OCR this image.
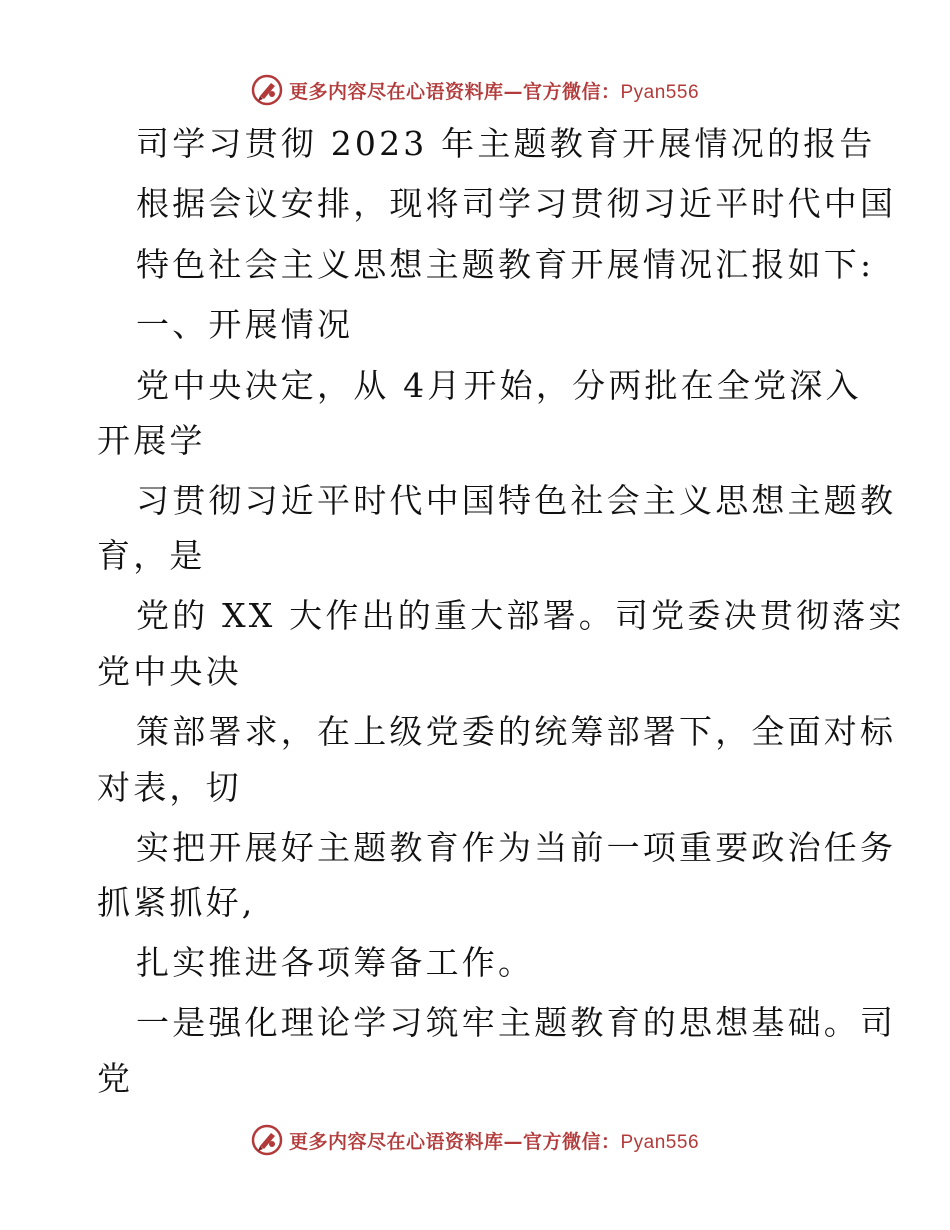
更多内容尽在心语资料库—官方微信：Pyan556
司学习贯彻 2023 年主题教育开展情况的报告
根据会议安排，现将司学习贯彻习近平时代中国
特色社会主义思想主题教育开展情况汇报如下:
一、开展情况
党中央决定，从 4月开始，分两批在全党深入
开展学
习贯彻习近平时代中国特色社会主义思想主题教
育，是
党的 XX 大作出的重大部署。司党委决贯彻落实
党中央决
策部署求，在上级党委的统筹部署下，全面对标
对表，切
实把开展好主题教育作为当前一项重要政治任务
抓紧抓好,
扎实推进各项筹备工作。
一是强化理论学习筑牢主题教育的思想基础。司
党
更多内容尽在心语资料库—官方微信：Pyan556
